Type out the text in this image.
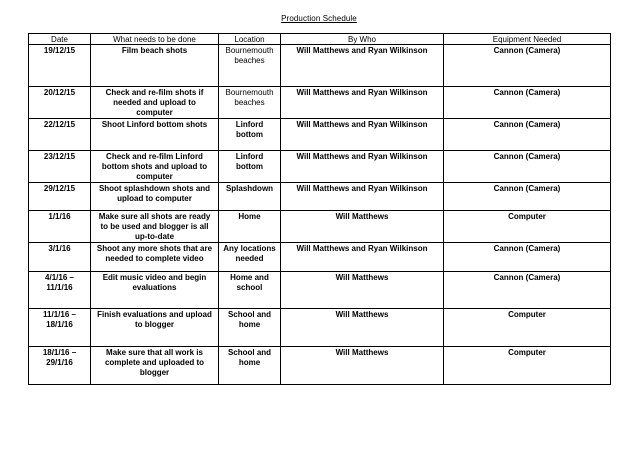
Production Schedule
Date	What needs to be done	Location	By Who	Equipment Needed
19/12/15	Film beach shots	Bournemouth beaches	Will Matthews and Ryan Wilkinson	Cannon (Camera)
20/12/15	Check and re-film shots if needed and upload to computer	Bournemouth beaches	Will Matthews and Ryan Wilkinson	Cannon (Camera)
22/12/15	Shoot Linford bottom shots	Linford bottom	Will Matthews and Ryan Wilkinson	Cannon (Camera)
23/12/15	Check and re-film Linford bottom shots and upload to computer	Linford bottom	Will Matthews and Ryan Wilkinson	Cannon (Camera)
29/12/15	Shoot splashdown shots and upload to computer	Splashdown	Will Matthews and Ryan Wilkinson	Cannon (Camera)
1/1/16	Make sure all shots are ready to be used and blogger is all up-to-date	Home	Will Matthews	Computer
3/1/16	Shoot any more shots that are needed to complete video	Any locations needed	Will Matthews and Ryan Wilkinson	Cannon (Camera)
4/1/16 – 11/1/16	Edit music video and begin evaluations	Home and school	Will Matthews	Cannon (Camera)
11/1/16 – 18/1/16	Finish evaluations and upload to blogger	School and home	Will Matthews	Computer
18/1/16 – 29/1/16	Make sure that all work is complete and uploaded to blogger	School and home	Will Matthews	Computer
